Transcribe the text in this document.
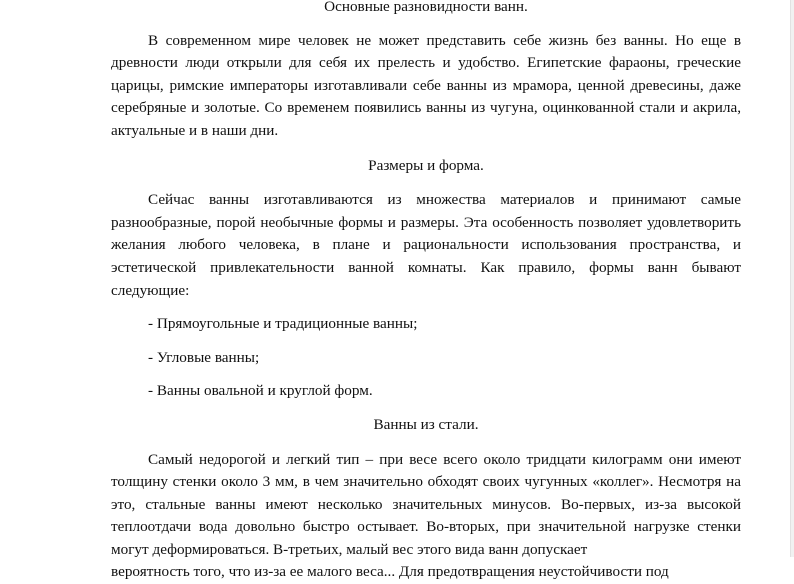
Основные разновидности ванн.

В современном мире человек не может представить себе жизнь без ванны. Но еще в древности люди открыли для себя их прелесть и удобство. Египетские фараоны, греческие царицы, римские императоры изготавливали себе ванны из мрамора, ценной древесины, даже серебряные и золотые. Со временем появились ванны из чугуна, оцинкованной стали и акрила, актуальные и в наши дни.

Размеры и форма.

Сейчас ванны изготавливаются из множества материалов и принимают самые разнообразные, порой необычные формы и размеры. Эта особенность позволяет удовлетворить желания любого человека, в плане и рациональности использования пространства, и эстетической привлекательности ванной комнаты. Как правило, формы ванн бывают следующие:

- Прямоугольные и традиционные ванны;

- Угловые ванны;

- Ванны овальной и круглой форм.

Ванны из стали.

Самый недорогой и легкий тип – при весе всего около тридцати килограмм они имеют толщину стенки около 3 мм, в чем значительно обходят своих чугунных «коллег». Несмотря на это, стальные ванны имеют несколько значительных минусов. Во-первых, из-за высокой теплоотдачи вода довольно быстро остывает. Во-вторых, при значительной нагрузке стенки могут деформироваться. В-третьих, малый вес этого вида ванн допускает

вероятность того, что из-за ее малого веса... Для предотвращения неустойчивости под
